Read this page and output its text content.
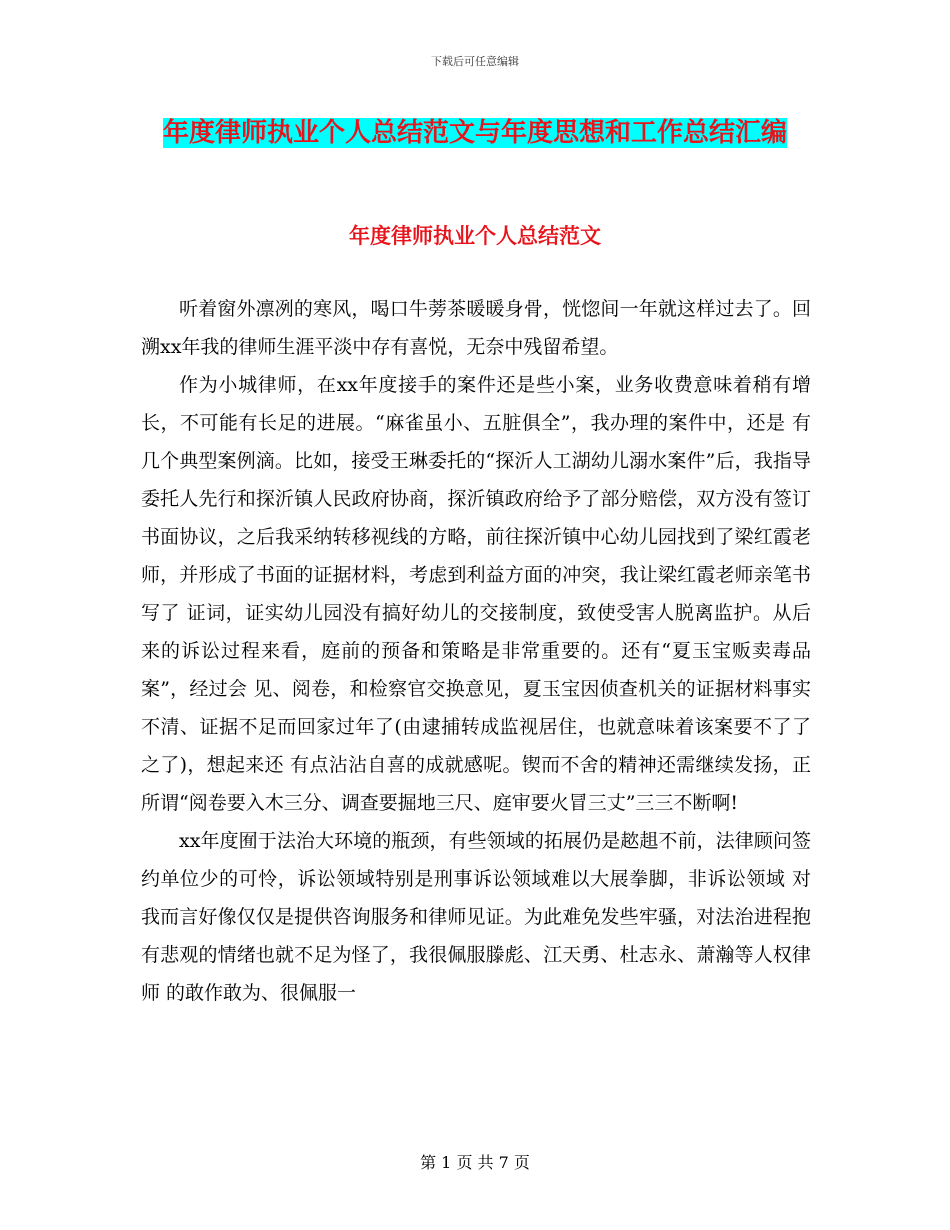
下载后可任意编辑
年度律师执业个人总结范文与年度思想和工作总结汇编
年度律师执业个人总结范文

听着窗外凛冽的寒风，喝口牛蒡茶暖暖身骨，恍惚间一年就这样过去了。回溯xx年我的律师生涯平淡中存有喜悦，无奈中残留希望。

作为小城律师，在xx年度接手的案件还是些小案，业务收费意味着稍有增长，不可能有长足的进展。“麻雀虽小、五脏俱全”，我办理的案件中，还是 有几个典型案例滴。比如，接受王琳委托的“探沂人工湖幼儿溺水案件”后，我指导委托人先行和探沂镇人民政府协商，探沂镇政府给予了部分赔偿，双方没有签订 书面协议，之后我采纳转移视线的方略，前往探沂镇中心幼儿园找到了梁红霞老师，并形成了书面的证据材料，考虑到利益方面的冲突，我让梁红霞老师亲笔书写了 证词，证实幼儿园没有搞好幼儿的交接制度，致使受害人脱离监护。从后来的诉讼过程来看，庭前的预备和策略是非常重要的。还有“夏玉宝贩卖毒品案”，经过会 见、阅卷，和检察官交换意见，夏玉宝因侦查机关的证据材料事实不清、证据不足而回家过年了(由逮捕转成监视居住，也就意味着该案要不了了之了)，想起来还 有点沾沾自喜的成就感呢。锲而不舍的精神还需继续发扬，正所谓“阅卷要入木三分、调查要掘地三尺、庭审要火冒三丈”三三不断啊!

xx年度囿于法治大环境的瓶颈，有些领域的拓展仍是趑趄不前，法律顾问签约单位少的可怜，诉讼领域特别是刑事诉讼领域难以大展拳脚，非诉讼领域 对我而言好像仅仅是提供咨询服务和律师见证。为此难免发些牢骚，对法治进程抱有悲观的情绪也就不足为怪了，我很佩服滕彪、江天勇、杜志永、萧瀚等人权律师 的敢作敢为、很佩服一

第 1 页 共 7 页
